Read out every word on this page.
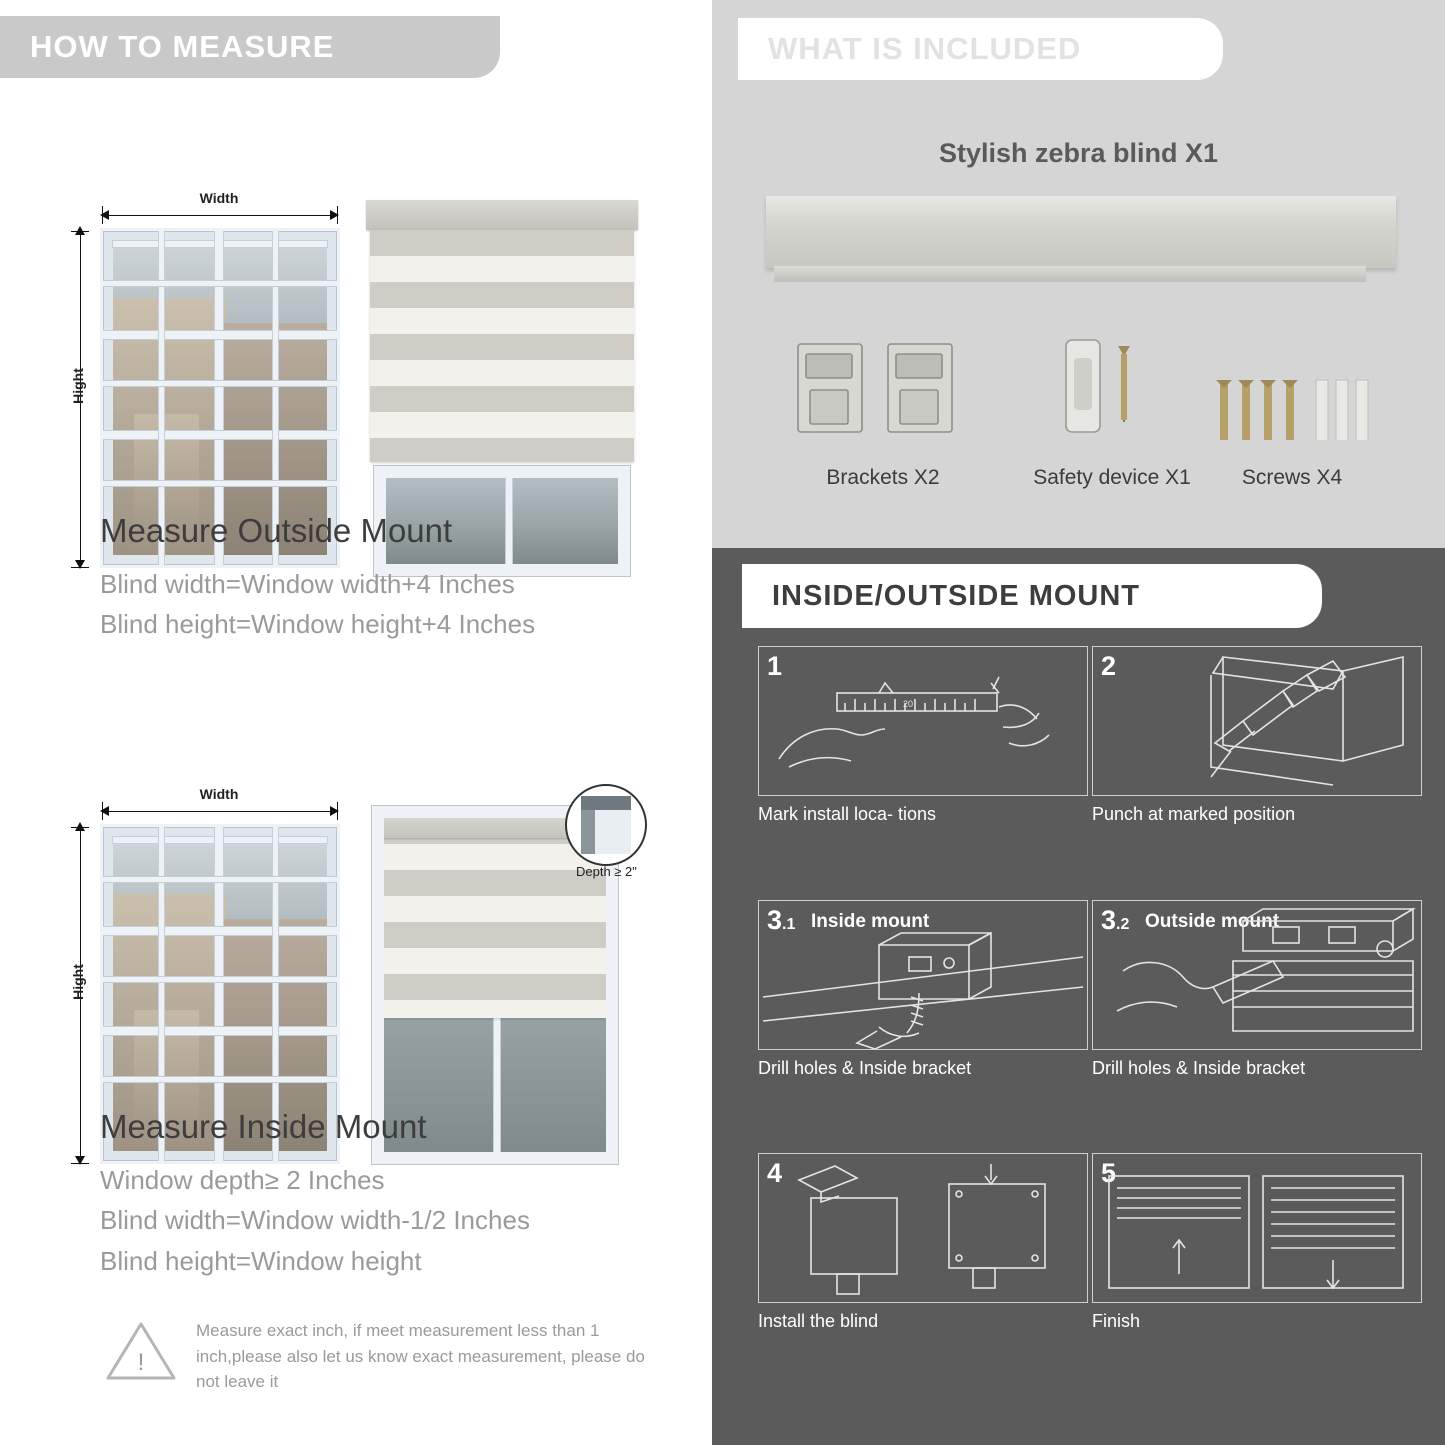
HOW TO MEASURE
Width
Hight

Measure Outside Mount

Blind width=Window width+4 Inches

Blind height=Window height+4 Inches

Width
Hight
Depth ≥ 2"

Measure Inside Mount

Window depth≥ 2 Inches

Blind width=Window width-1/2 Inches

Blind height=Window height

!
Measure exact inch, if meet measurement less than 1 inch,please also let us know exact measurement, please do not leave it
WHAT IS INCLUDED
Stylish zebra blind X1
Brackets X2	Safety device X1	Screws X4
INSIDE/OUTSIDE MOUNT
1
20
Mark install loca- tions
2
Punch at marked position
3.1 Inside mount
Drill holes & Inside bracket
3.2 Outside mount
Drill holes & Inside bracket
4
Install the blind
5
Finish
